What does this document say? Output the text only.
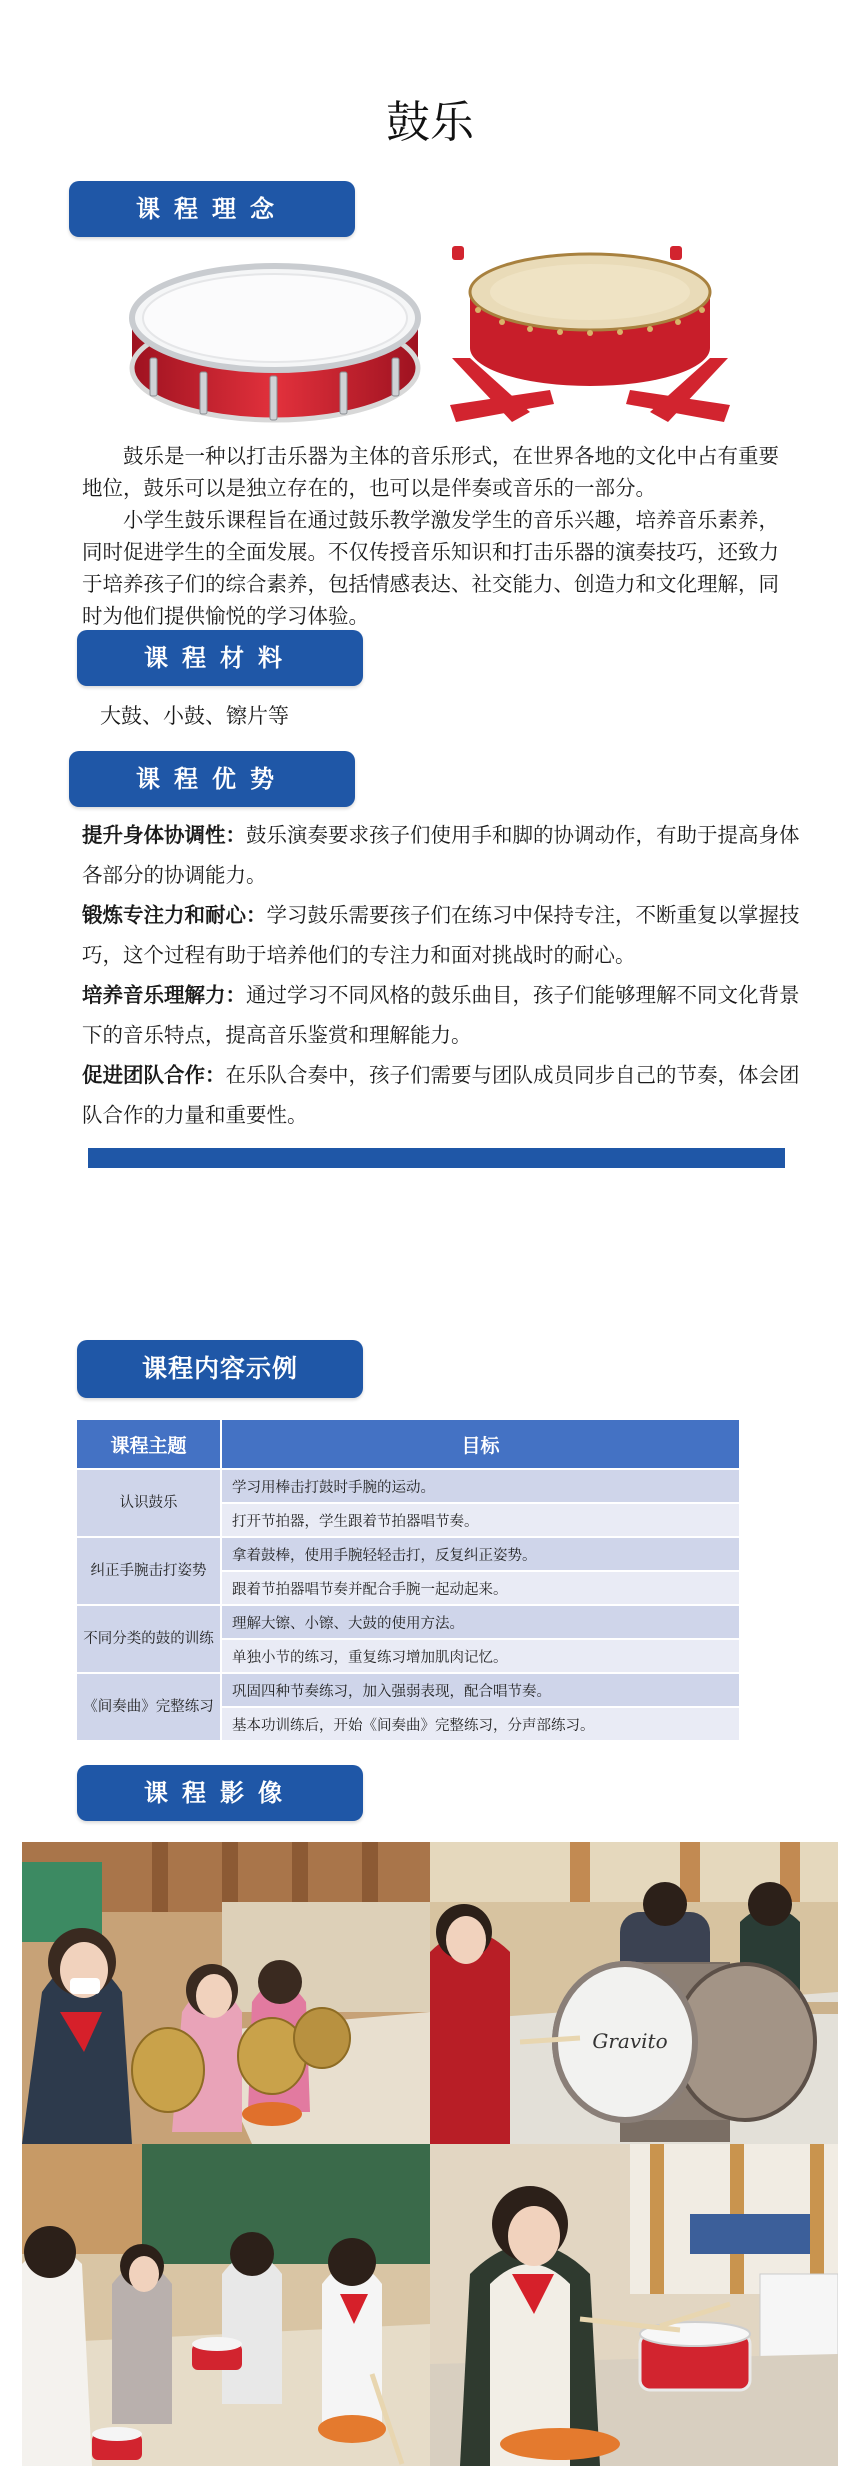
鼓乐
课程理念
鼓乐是一种以打击乐器为主体的音乐形式，在世界各地的文化中占有重要地位，鼓乐可以是独立存在的，也可以是伴奏或音乐的一部分。
小学生鼓乐课程旨在通过鼓乐教学激发学生的音乐兴趣，培养音乐素养，同时促进学生的全面发展。不仅传授音乐知识和打击乐器的演奏技巧，还致力于培养孩子们的综合素养，包括情感表达、社交能力、创造力和文化理解，同时为他们提供愉悦的学习体验。
课程材料
大鼓、小鼓、镲片等
课程优势
提升身体协调性：鼓乐演奏要求孩子们使用手和脚的协调动作，有助于提高身体各部分的协调能力。
锻炼专注力和耐心：学习鼓乐需要孩子们在练习中保持专注，不断重复以掌握技巧，这个过程有助于培养他们的专注力和面对挑战时的耐心。
培养音乐理解力：通过学习不同风格的鼓乐曲目，孩子们能够理解不同文化背景下的音乐特点，提高音乐鉴赏和理解能力。
促进团队合作：在乐队合奏中，孩子们需要与团队成员同步自己的节奏，体会团队合作的力量和重要性。
课程内容示例
课程主题	目标
认识鼓乐	学习用棒击打鼓时手腕的运动。
	打开节拍器，学生跟着节拍器唱节奏。
纠正手腕击打姿势	拿着鼓棒，使用手腕轻轻击打，反复纠正姿势。
	跟着节拍器唱节奏并配合手腕一起动起来。
不同分类的鼓的训练	理解大镲、小镲、大鼓的使用方法。
	单独小节的练习，重复练习增加肌肉记忆。
《间奏曲》完整练习	巩固四种节奏练习，加入强弱表现，配合唱节奏。
	基本功训练后，开始《间奏曲》完整练习，分声部练习。
课程影像
Gravito
